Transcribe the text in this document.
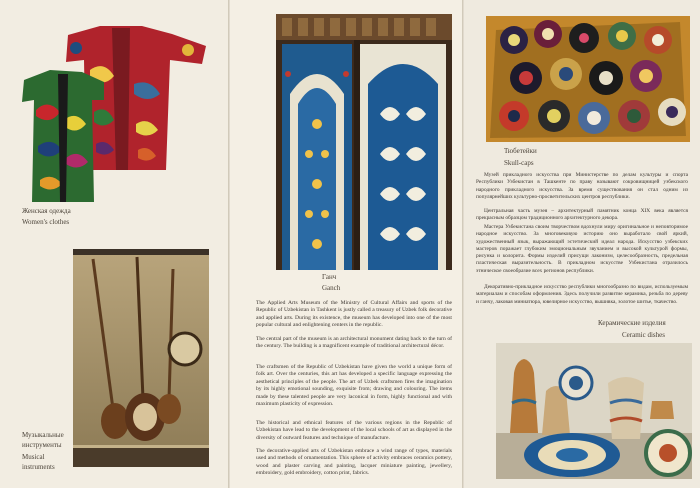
Женская одежда
Women's clothes
Музыкальные инструменты
Musical instruments
Ганч
Ganch

The Applied Arts Museum of the Ministry of Cultural Affairs and sports of the Republic of Uzbekistan in Tashkent is justly called a treasury of Uzbek folk decorative and applied arts. During its existence, the museum has developed into one of the most popular cultural and enlightening centers in the republic.

The central part of the museum is an architectural monument dating back to the turn of the century. The building is a magnificent example of traditional architectural décor.

The craftsmen of the Republic of Uzbekistan have given the world a unique form of folk art. Over the centuries, this art has developed a specific language expressing the aesthetical principles of the people. The art of Uzbek craftsmen fires the imagination by its highly emotional sounding, exquisite from; drawing and colouring. The items made by these talented people are very laconical in form, highly functional and with maximum plasticity of expression.

The historical and ethnical features of the various regions in the Republic of Uzbekistan have lead to the development of the local schools of art as displayed in the diversity of outward features and technique of manufacture.

The decorative-applied arts of Uzbekistan embrace a wind range of types, materials used and methods of ornamentation. This sphere of activity embraces ceramics pottery, wood and plaster carving and painting, lacquer miniature painting, jewellery, embroidery, gold embroidery, cotton print, fabrics.

Тюбетейки
Skull-caps

Музей прикладного искусства при Министерстве по делам культуры и спорта Республики Узбекистан в Ташкенте по праву называют сокровищницей узбекского народного прикладного искусства. За время существования он стал одним из популярнейших культурно-просветительских центров республики.

Центральная часть музея – архитектурный памятник конца XIX века является прекрасным образцом традиционного архитектурного декора.

Мастера Узбекистана своим творчеством вдохнули миру оригинальное и неповторимое народное искусство. За многовековую историю оно выработало свой яркий, художественный язык, выражающий эстетический идеал народа. Искусство узбекских мастеров поражает глубоким эмоциональным звучанием и высокой культурой формы, рисунка и колорита. Формы изделий присущи лаконизм, целесообразность, предельная пластическая выразительность. В прикладном искусстве Узбекистана отразилось этническое своеобразие всех регионов республики.

Декоративно-прикладное искусство республики многообразно по видам, используемым материалам и способам оформления. Здесь получили развитие керамика, резьба по дереву и ганчу, лаковая миниатюра, ювелирное искусство, вышивка, золотое шитье, ткачество.

Керамические изделия
Ceramic dishes
